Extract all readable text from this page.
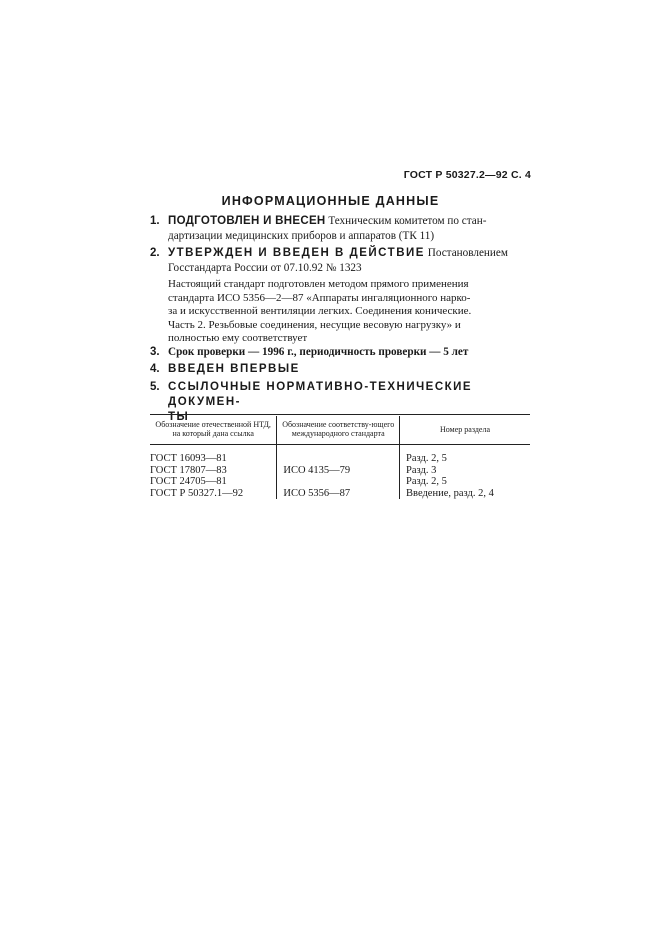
ГОСТ Р 50327.2—92 С. 4
ИНФОРМАЦИОННЫЕ ДАННЫЕ
1. ПОДГОТОВЛЕН И ВНЕСЕН Техническим комитетом по стан-
дартизации медицинских приборов и аппаратов (ТК 11)
2. УТВЕРЖДЕН И ВВЕДЕН В ДЕЙСТВИЕ Постановлением
Госстандарта России от 07.10.92 № 1323
Настоящий стандарт подготовлен методом прямого применения
стандарта ИСО 5356—2—87 «Аппараты ингаляционного нарко-
за и искусственной вентиляции легких. Соединения конические.
Часть 2. Резьбовые соединения, несущие весовую нагрузку» и
полностью ему соответствует
3. Срок проверки — 1996 г., периодичность проверки — 5 лет
4. ВВЕДЕН ВПЕРВЫЕ
5. ССЫЛОЧНЫЕ НОРМАТИВНО-ТЕХНИЧЕСКИЕ ДОКУМЕН-
ТЫ
Обозначение отечественной НТД, на который дана ссылка	Обозначение соответству-ющего международного стандарта	Номер раздела

ГОСТ 16093—81		Разд. 2, 5
ГОСТ 17807—83	ИСО 4135—79	Разд. 3
ГОСТ 24705—81		Разд. 2, 5
ГОСТ Р 50327.1—92	ИСО 5356—87	Введение, разд. 2, 4
